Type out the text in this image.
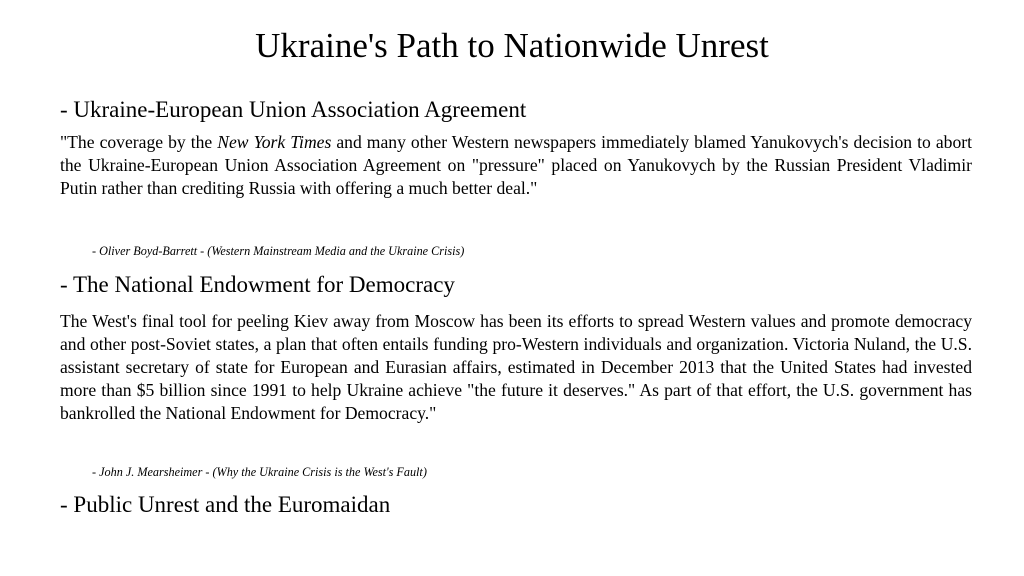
Ukraine's Path to Nationwide Unrest
- Ukraine-European Union Association Agreement

"The coverage by the New York Times and many other Western newspapers immediately blamed Yanukovych's decision to abort the Ukraine-European Union Association Agreement on "pressure" placed on Yanukovych by the Russian President Vladimir Putin rather than crediting Russia with offering a much better deal."

- Oliver Boyd-Barrett - (Western Mainstream Media and the Ukraine Crisis)

- The National Endowment for Democracy

The West's final tool for peeling Kiev away from Moscow has been its efforts to spread Western values and promote democracy and other post-Soviet states, a plan that often entails funding pro-Western individuals and organization. Victoria Nuland, the U.S. assistant secretary of state for European and Eurasian affairs, estimated in December 2013 that the United States had invested more than $5 billion since 1991 to help Ukraine achieve "the future it deserves." As part of that effort, the U.S. government has bankrolled the National Endowment for Democracy."

- John J. Mearsheimer - (Why the Ukraine Crisis is the West's Fault)

- Public Unrest and the Euromaidan
